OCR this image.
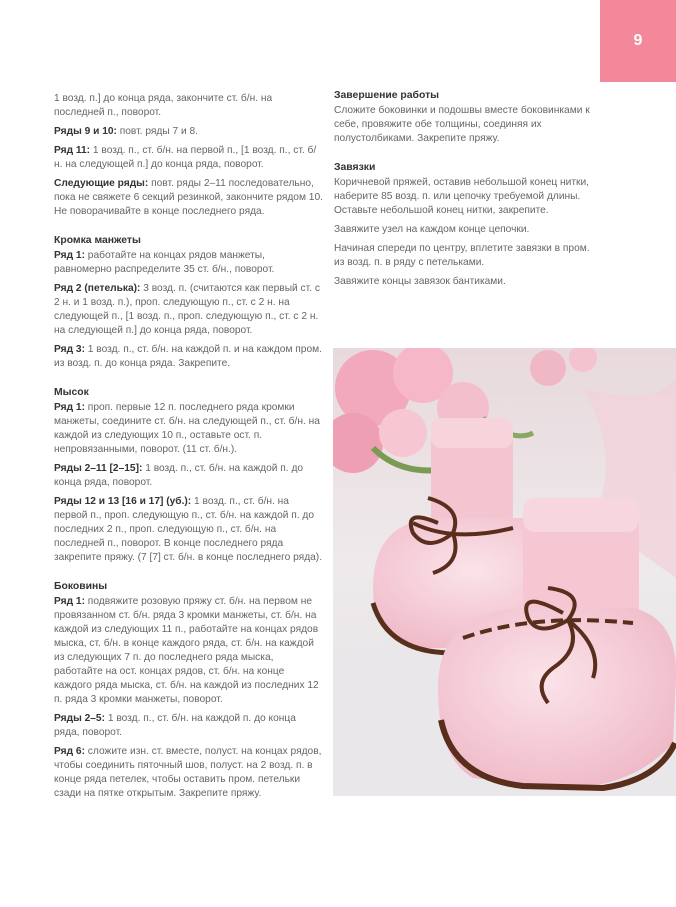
9

1 возд. п.] до конца ряда, закончите ст. б/н. на последней п., поворот.

Ряды 9 и 10: повт. ряды 7 и 8.

Ряд 11: 1 возд. п., ст. б/н. на первой п., [1 возд. п., ст. б/н. на следующей п.] до конца ряда, поворот.

Следующие ряды: повт. ряды 2–11 последовательно, пока не свяжете 6 секций резинкой, закончите рядом 10. Не поворачивайте в конце последнего ряда.

Кромка манжеты

Ряд 1: работайте на концах рядов манжеты, равномерно распределите 35 ст. б/н., поворот.

Ряд 2 (петелька): 3 возд. п. (считаются как первый ст. с 2 н. и 1 возд. п.), проп. следующую п., ст. с 2 н. на следующей п., [1 возд. п., проп. следующую п., ст. с 2 н. на следующей п.] до конца ряда, поворот.

Ряд 3: 1 возд. п., ст. б/н. на каждой п. и на каждом пром. из возд. п. до конца ряда. Закрепите.

Мысок

Ряд 1: проп. первые 12 п. последнего ряда кромки манжеты, соедините ст. б/н. на следующей п., ст. б/н. на каждой из следующих 10 п., оставьте ост. п. непровязанными, поворот. (11 ст. б/н.).

Ряды 2–11 [2–15]: 1 возд. п., ст. б/н. на каждой п. до конца ряда, поворот.

Ряды 12 и 13 [16 и 17] (уб.): 1 возд. п., ст. б/н. на первой п., проп. следующую п., ст. б/н. на каждой п. до последних 2 п., проп. следующую п., ст. б/н. на последней п., поворот. В конце последнего ряда закрепите пряжу. (7 [7] ст. б/н. в конце последнего ряда).

Боковины

Ряд 1: подвяжите розовую пряжу ст. б/н. на первом не провязанном ст. б/н. ряда 3 кромки манжеты, ст. б/н. на каждой из следующих 11 п., работайте на концах рядов мыска, ст. б/н. в конце каждого ряда, ст. б/н. на каждой из следующих 7 п. до последнего ряда мыска, работайте на ост. концах рядов, ст. б/н. на конце каждого ряда мыска, ст. б/н. на каждой из последних 12 п. ряда 3 кромки манжеты, поворот.

Ряды 2–5: 1 возд. п., ст. б/н. на каждой п. до конца ряда, поворот.

Ряд 6: сложите изн. ст. вместе, полуст. на концах рядов, чтобы соединить пяточный шов, полуст. на 2 возд. п. в конце ряда петелек, чтобы оставить пром. петельки сзади на пятке открытым. Закрепите пряжу.

Завершение работы

Сложите боковинки и подошвы вместе боковинками к себе, провяжите обе толщины, соединяя их полустолбиками. Закрепите пряжу.

Завязки

Коричневой пряжей, оставив небольшой конец нитки, наберите 85 возд. п. или цепочку требуемой длины. Оставьте небольшой конец нитки, закрепите.

Завяжите узел на каждом конце цепочки.

Начиная спереди по центру, вплетите завязки в пром. из возд. п. в ряду с петельками.

Завяжите концы завязок бантиками.
